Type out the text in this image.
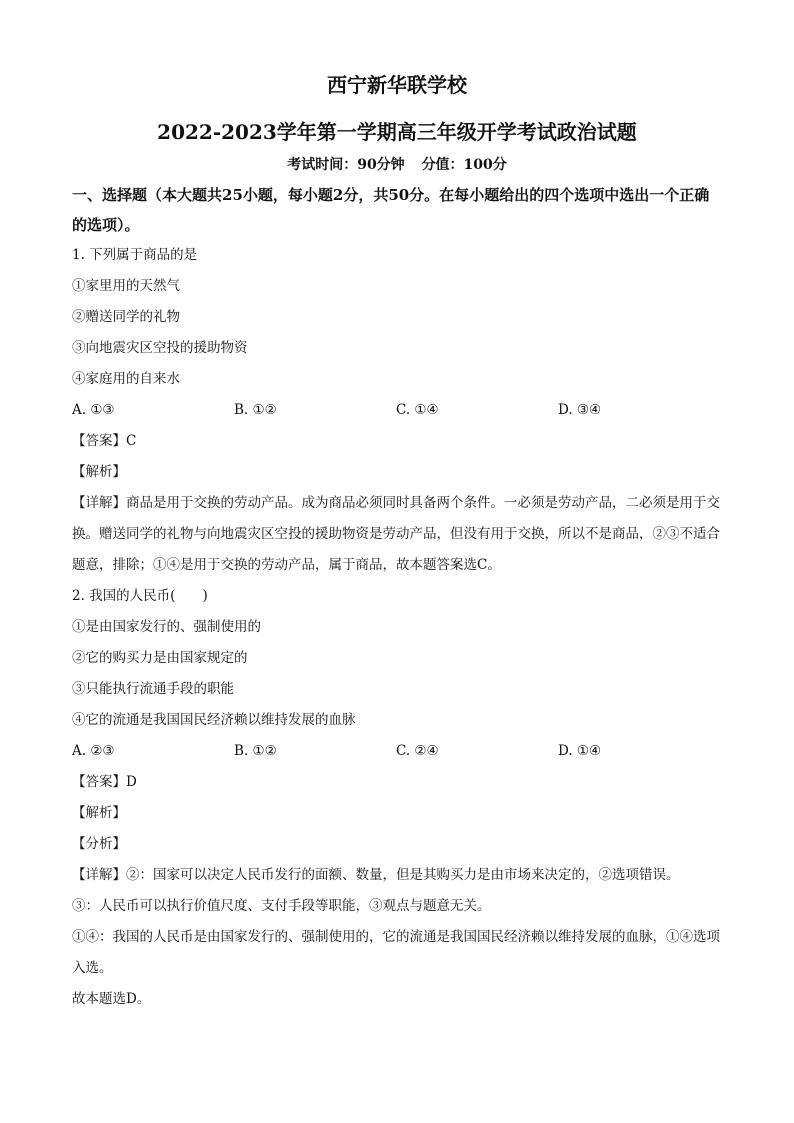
西宁新华联学校
2022-2023学年第一学期高三年级开学考试政治试题
考试时间：90分钟 分值：100分
一、选择题（本大题共25小题，每小题2分，共50分。在每小题给出的四个选项中选出一个正确的选项）。
1. 下列属于商品的是
①家里用的天然气
②赠送同学的礼物
③向地震灾区空投的援助物资
④家庭用的自来水
A. ①③	B. ①②	C. ①④	D. ③④
【答案】C
【解析】
【详解】商品是用于交换的劳动产品。成为商品必须同时具备两个条件。一必须是劳动产品，二必须是用于交换。赠送同学的礼物与向地震灾区空投的援助物资是劳动产品，但没有用于交换，所以不是商品，②③不适合题意，排除；①④是用于交换的劳动产品，属于商品，故本题答案选C。
2. 我国的人民币(　　)
①是由国家发行的、强制使用的
②它的购买力是由国家规定的
③只能执行流通手段的职能
④它的流通是我国国民经济赖以维持发展的血脉
A. ②③	B. ①②	C. ②④	D. ①④
【答案】D
【解析】
【分析】
【详解】②：国家可以决定人民币发行的面额、数量，但是其购买力是由市场来决定的，②选项错误。
③：人民币可以执行价值尺度、支付手段等职能，③观点与题意无关。
①④：我国的人民币是由国家发行的、强制使用的，它的流通是我国国民经济赖以维持发展的血脉，①④选项入选。
故本题选D。
